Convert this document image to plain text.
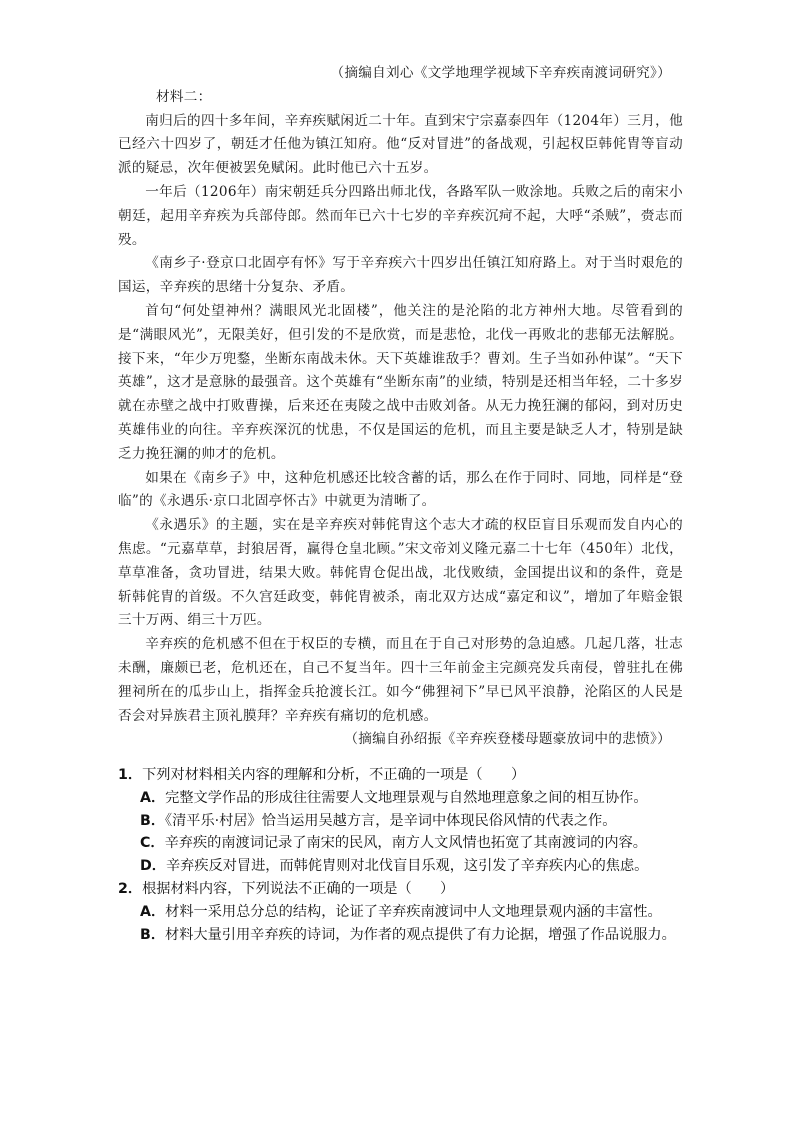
（摘编自刘心《文学地理学视域下辛弃疾南渡词研究》）

材料二：

南归后的四十多年间，辛弃疾赋闲近二十年。直到宋宁宗嘉泰四年（1204年）三月，他已经六十四岁了，朝廷才任他为镇江知府。他“反对冒进”的备战观，引起权臣韩侂胄等盲动派的疑忌，次年便被罢免赋闲。此时他已六十五岁。

一年后（1206年）南宋朝廷兵分四路出师北伐，各路军队一败涂地。兵败之后的南宋小朝廷，起用辛弃疾为兵部侍郎。然而年已六十七岁的辛弃疾沉疴不起，大呼“杀贼”，赍志而殁。

《南乡子·登京口北固亭有怀》写于辛弃疾六十四岁出任镇江知府路上。对于当时艰危的国运，辛弃疾的思绪十分复杂、矛盾。

首句“何处望神州？满眼风光北固楼”，他关注的是沦陷的北方神州大地。尽管看到的是“满眼风光”，无限美好，但引发的不是欣赏，而是悲怆，北伐一再败北的悲郁无法解脱。接下来，“年少万兜鍪，坐断东南战未休。天下英雄谁敌手？曹刘。生子当如孙仲谋”。“天下英雄”，这才是意脉的最强音。这个英雄有“坐断东南”的业绩，特别是还相当年轻，二十多岁就在赤壁之战中打败曹操，后来还在夷陵之战中击败刘备。从无力挽狂澜的郁闷，到对历史英雄伟业的向往。辛弃疾深沉的忧患，不仅是国运的危机，而且主要是缺乏人才，特别是缺乏力挽狂澜的帅才的危机。

如果在《南乡子》中，这种危机感还比较含蓄的话，那么在作于同时、同地，同样是“登临”的《永遇乐·京口北固亭怀古》中就更为清晰了。

《永遇乐》的主题，实在是辛弃疾对韩侂胄这个志大才疏的权臣盲目乐观而发自内心的焦虑。“元嘉草草，封狼居胥，赢得仓皇北顾。”宋文帝刘义隆元嘉二十七年（450年）北伐，草草准备，贪功冒进，结果大败。韩侂胄仓促出战，北伐败绩，金国提出议和的条件，竟是斩韩侂胄的首级。不久宫廷政变，韩侂胄被杀，南北双方达成“嘉定和议”，增加了年赔金银三十万两、绢三十万匹。

辛弃疾的危机感不但在于权臣的专横，而且在于自己对形势的急迫感。几起几落，壮志未酬，廉颇已老，危机还在，自己不复当年。四十三年前金主完颜亮发兵南侵，曾驻扎在佛狸祠所在的瓜步山上，指挥金兵抢渡长江。如今“佛狸祠下”早已风平浪静，沦陷区的人民是否会对异族君主顶礼膜拜？辛弃疾有痛切的危机感。

（摘编自孙绍振《辛弃疾登楼母题豪放词中的悲愤》）

1．下列对材料相关内容的理解和分析，不正确的一项是（　　）

A．完整文学作品的形成往往需要人文地理景观与自然地理意象之间的相互协作。

B．《清平乐·村居》恰当运用吴越方言，是辛词中体现民俗风情的代表之作。

C．辛弃疾的南渡词记录了南宋的民风，南方人文风情也拓宽了其南渡词的内容。

D．辛弃疾反对冒进，而韩侂胄则对北伐盲目乐观，这引发了辛弃疾内心的焦虑。

2．根据材料内容，下列说法不正确的一项是（　　）

A．材料一采用总分总的结构，论证了辛弃疾南渡词中人文地理景观内涵的丰富性。

B．材料大量引用辛弃疾的诗词，为作者的观点提供了有力论据，增强了作品说服力。
